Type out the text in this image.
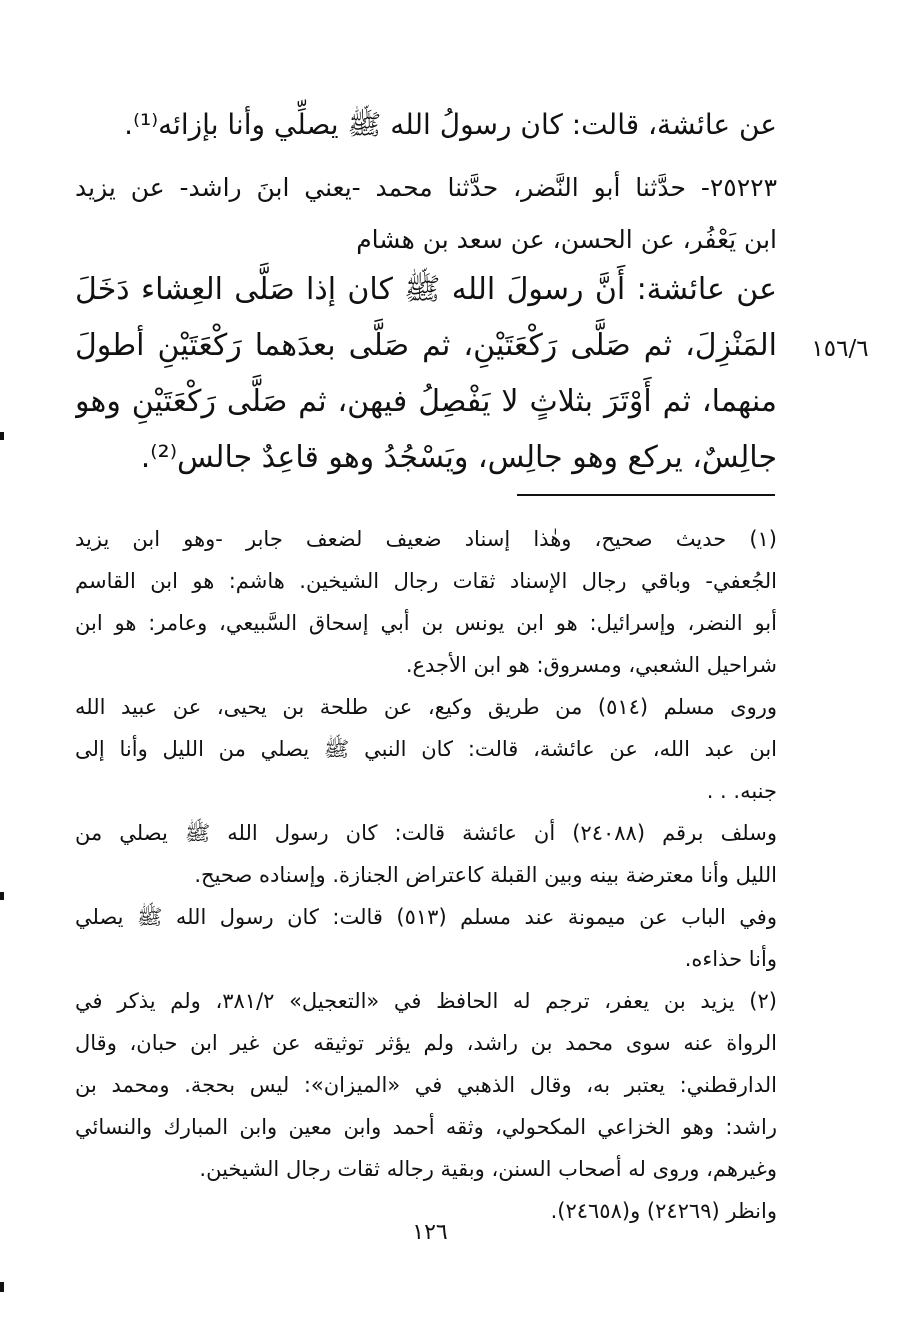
عن عائشة، قالت: كان رسولُ الله ﷺ يصلِّي وأنا بإزائه⁽¹⁾.
٢٥٢٢٣- حدَّثنا أبو النَّضر، حدَّثنا محمد -يعني ابنَ راشد- عن يزيد
ابن يَعْفُر، عن الحسن، عن سعد بن هشام
عن عائشة: أَنَّ رسولَ الله ﷺ كان إذا صَلَّى العِشاء دَخَلَ
المَنْزِلَ، ثم صَلَّى رَكْعَتَيْنِ، ثم صَلَّى بعدَهما رَكْعَتَيْنِ أطولَ
منهما، ثم أَوْتَرَ بثلاثٍ لا يَفْصِلُ فيهن، ثم صَلَّى رَكْعَتَيْنِ وهو
جالِسٌ، يركع وهو جالِس، ويَسْجُدُ وهو قاعِدٌ جالس⁽²⁾.
١٥٦/٦
(١) حديث صحيح، وهٰذا إسناد ضعيف لضعف جابر -وهو ابن يزيد
الجُعفي- وباقي رجال الإسناد ثقات رجال الشيخين. هاشم: هو ابن القاسم
أبو النضر، وإسرائيل: هو ابن يونس بن أبي إسحاق السَّبيعي، وعامر: هو ابن
شراحيل الشعبي، ومسروق: هو ابن الأجدع.
وروى مسلم (٥١٤) من طريق وكيع، عن طلحة بن يحيى، عن عبيد الله
ابن عبد الله، عن عائشة، قالت: كان النبي ﷺ يصلي من الليل وأنا إلى
جنبه. . .
وسلف برقم (٢٤٠٨٨) أن عائشة قالت: كان رسول الله ﷺ يصلي من
الليل وأنا معترضة بينه وبين القبلة كاعتراض الجنازة. وإسناده صحيح.
وفي الباب عن ميمونة عند مسلم (٥١٣) قالت: كان رسول الله ﷺ يصلي
وأنا حذاءه.
(٢) يزيد بن يعفر، ترجم له الحافظ في «التعجيل» ٣٨١/٢، ولم يذكر في
الرواة عنه سوى محمد بن راشد، ولم يؤثر توثيقه عن غير ابن حبان، وقال
الدارقطني: يعتبر به، وقال الذهبي في «الميزان»: ليس بحجة. ومحمد بن
راشد: وهو الخزاعي المكحولي، وثقه أحمد وابن معين وابن المبارك والنسائي
وغيرهم، وروى له أصحاب السنن، وبقية رجاله ثقات رجال الشيخين.
وانظر (٢٤٢٦٩) و(٢٤٦٥٨).
١٢٦
